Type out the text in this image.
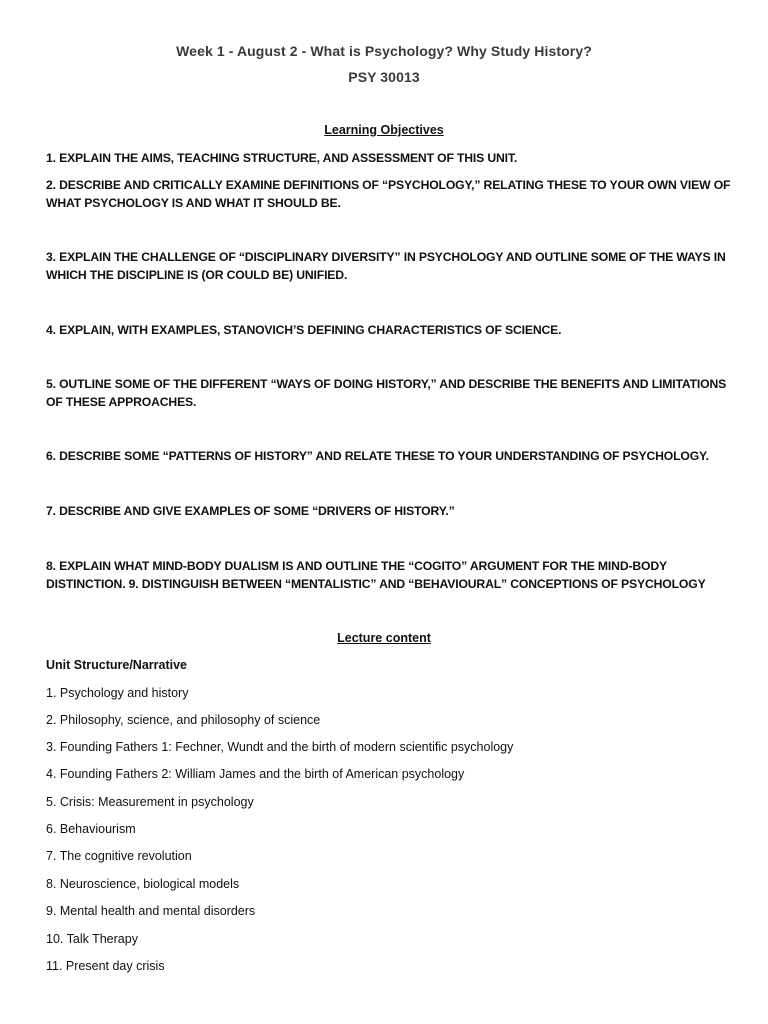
Week 1 - August 2 - What is Psychology? Why Study History?
PSY 30013
Learning Objectives
1. EXPLAIN THE AIMS, TEACHING STRUCTURE, AND ASSESSMENT OF THIS UNIT.
2. DESCRIBE AND CRITICALLY EXAMINE DEFINITIONS OF “PSYCHOLOGY,” RELATING THESE TO YOUR OWN VIEW OF WHAT PSYCHOLOGY IS AND WHAT IT SHOULD BE.
3. EXPLAIN THE CHALLENGE OF “DISCIPLINARY DIVERSITY” IN PSYCHOLOGY AND OUTLINE SOME OF THE WAYS IN WHICH THE DISCIPLINE IS (OR COULD BE) UNIFIED.
4. EXPLAIN, WITH EXAMPLES, STANOVICH’S DEFINING CHARACTERISTICS OF SCIENCE.
5. OUTLINE SOME OF THE DIFFERENT “WAYS OF DOING HISTORY,” AND DESCRIBE THE BENEFITS AND LIMITATIONS OF THESE APPROACHES.
6. DESCRIBE SOME “PATTERNS OF HISTORY” AND RELATE THESE TO YOUR UNDERSTANDING OF PSYCHOLOGY.
7. DESCRIBE AND GIVE EXAMPLES OF SOME “DRIVERS OF HISTORY.”
8. EXPLAIN WHAT MIND-BODY DUALISM IS AND OUTLINE THE “COGITO” ARGUMENT FOR THE MIND-BODY DISTINCTION. 9. DISTINGUISH BETWEEN “MENTALISTIC” AND “BEHAVIOURAL” CONCEPTIONS OF PSYCHOLOGY
Lecture content
Unit Structure/Narrative
1. Psychology and history
2. Philosophy, science, and philosophy of science
3. Founding Fathers 1: Fechner, Wundt and the birth of modern scientific psychology
4. Founding Fathers 2: William James and the birth of American psychology
5. Crisis: Measurement in psychology
6. Behaviourism
7. The cognitive revolution
8. Neuroscience, biological models
9. Mental health and mental disorders
10. Talk Therapy
11. Present day crisis
